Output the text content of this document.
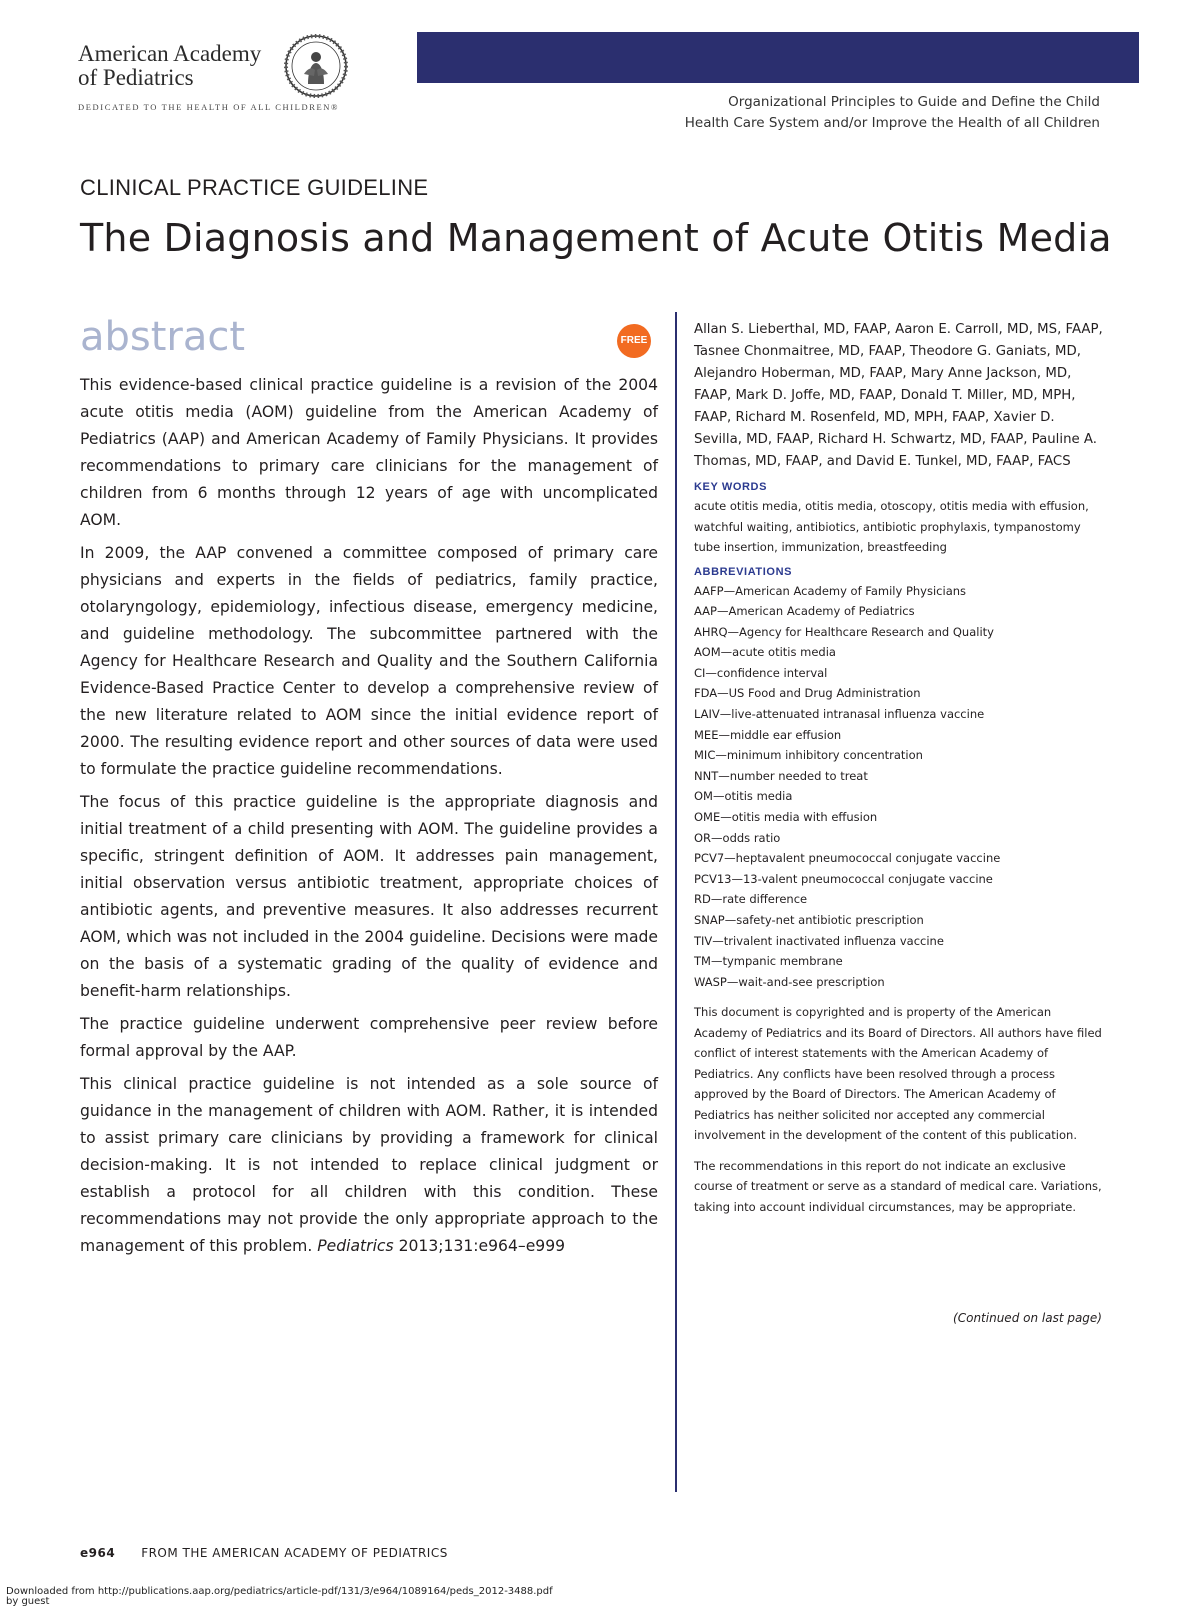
American Academy
of Pediatrics
DEDICATED TO THE HEALTH OF ALL CHILDREN®	Organizational Principles to Guide and Define the Child
Health Care System and/or Improve the Health of all Children
CLINICAL PRACTICE GUIDELINE
The Diagnosis and Management of Acute Otitis Media
abstract	FREE

This evidence-based clinical practice guideline is a revision of the 2004 acute otitis media (AOM) guideline from the American Academy of Pediatrics (AAP) and American Academy of Family Physicians. It provides recommendations to primary care clinicians for the management of children from 6 months through 12 years of age with uncomplicated AOM.

In 2009, the AAP convened a committee composed of primary care physicians and experts in the fields of pediatrics, family practice, otolaryngology, epidemiology, infectious disease, emergency medicine, and guideline methodology. The subcommittee partnered with the Agency for Healthcare Research and Quality and the Southern California Evidence-Based Practice Center to develop a comprehensive review of the new literature related to AOM since the initial evidence report of 2000. The resulting evidence report and other sources of data were used to formulate the practice guideline recommendations.

The focus of this practice guideline is the appropriate diagnosis and initial treatment of a child presenting with AOM. The guideline provides a specific, stringent definition of AOM. It addresses pain management, initial observation versus antibiotic treatment, appropriate choices of antibiotic agents, and preventive measures. It also addresses recurrent AOM, which was not included in the 2004 guideline. Decisions were made on the basis of a systematic grading of the quality of evidence and benefit-harm relationships.

The practice guideline underwent comprehensive peer review before formal approval by the AAP.

This clinical practice guideline is not intended as a sole source of guidance in the management of children with AOM. Rather, it is intended to assist primary care clinicians by providing a framework for clinical decision-making. It is not intended to replace clinical judgment or establish a protocol for all children with this condition. These recommendations may not provide the only appropriate approach to the management of this problem. Pediatrics 2013;131:e964–e999

Allan S. Lieberthal, MD, FAAP, Aaron E. Carroll, MD, MS, FAAP, Tasnee Chonmaitree, MD, FAAP, Theodore G. Ganiats, MD, Alejandro Hoberman, MD, FAAP, Mary Anne Jackson, MD, FAAP, Mark D. Joffe, MD, FAAP, Donald T. Miller, MD, MPH, FAAP, Richard M. Rosenfeld, MD, MPH, FAAP, Xavier D. Sevilla, MD, FAAP, Richard H. Schwartz, MD, FAAP, Pauline A. Thomas, MD, FAAP, and David E. Tunkel, MD, FAAP, FACS

KEY WORDS

acute otitis media, otitis media, otoscopy, otitis media with effusion, watchful waiting, antibiotics, antibiotic prophylaxis, tympanostomy tube insertion, immunization, breastfeeding

ABBREVIATIONS
AAFP—American Academy of Family Physicians
AAP—American Academy of Pediatrics
AHRQ—Agency for Healthcare Research and Quality
AOM—acute otitis media
CI—confidence interval
FDA—US Food and Drug Administration
LAIV—live-attenuated intranasal influenza vaccine
MEE—middle ear effusion
MIC—minimum inhibitory concentration
NNT—number needed to treat
OM—otitis media
OME—otitis media with effusion
OR—odds ratio
PCV7—heptavalent pneumococcal conjugate vaccine
PCV13—13-valent pneumococcal conjugate vaccine
RD—rate difference
SNAP—safety-net antibiotic prescription
TIV—trivalent inactivated influenza vaccine
TM—tympanic membrane
WASP—wait-and-see prescription

This document is copyrighted and is property of the American Academy of Pediatrics and its Board of Directors. All authors have filed conflict of interest statements with the American Academy of Pediatrics. Any conflicts have been resolved through a process approved by the Board of Directors. The American Academy of Pediatrics has neither solicited nor accepted any commercial involvement in the development of the content of this publication.

The recommendations in this report do not indicate an exclusive course of treatment or serve as a standard of medical care. Variations, taking into account individual circumstances, may be appropriate.

(Continued on last page)
e964 FROM THE AMERICAN ACADEMY OF PEDIATRICS
Downloaded from http://publications.aap.org/pediatrics/article-pdf/131/3/e964/1089164/peds_2012-3488.pdf
by guest
